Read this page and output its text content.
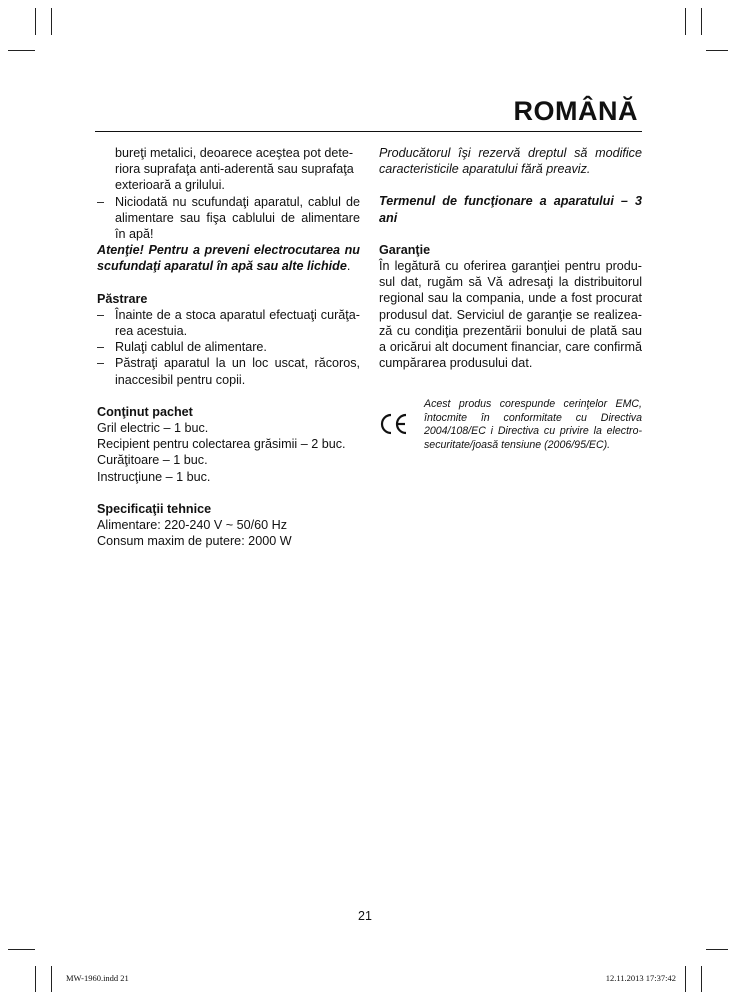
ROMÂNĂ

bureţi metalici, deoarece aceştea pot dete-

riora suprafaţa anti-aderentă sau suprafaţa

exterioară a grilului.

– Niciodată nu scufundaţi aparatul, cablul de alimentare sau fişa cablului de alimentare în apă!

Atenţie! Pentru a preveni electrocutarea nu scufundaţi aparatul în apă sau alte lichide.

Păstrare

– Înainte de a stoca aparatul efectuaţi curăţa-rea acestuia.

– Rulaţi cablul de alimentare.

– Păstraţi aparatul la un loc uscat, răcoros, inaccesibil pentru copii.

Conţinut pachet

Gril electric – 1 buc.

Recipient pentru colectarea grăsimii – 2 buc.

Curăţitoare – 1 buc.

Instrucţiune – 1 buc.

Specificaţii tehnice

Alimentare: 220-240 V ~ 50/60 Hz

Consum maxim de putere: 2000 W

Producătorul îşi rezervă dreptul să modifice caracteristicile aparatului fără preaviz.

Termenul de funcţionare a aparatului – 3 ani

Garanţie

În legătură cu oferirea garanţiei pentru produ-sul dat, rugăm să Vă adresaţi la distribuitorul regional sau la compania, unde a fost procurat produsul dat. Serviciul de garanţie se realizea-ză cu condiţia prezentării bonului de plată sau a oricărui alt document financiar, care confirmă cumpărarea produsului dat.

Acest produs corespunde cerinţelor EMC, întocmite în conformitate cu Directiva 2004/108/EC i Directiva cu privire la electro-securitate/joasă tensiune (2006/95/EC).

21
MW-1960.indd 21	12.11.2013 17:37:42
